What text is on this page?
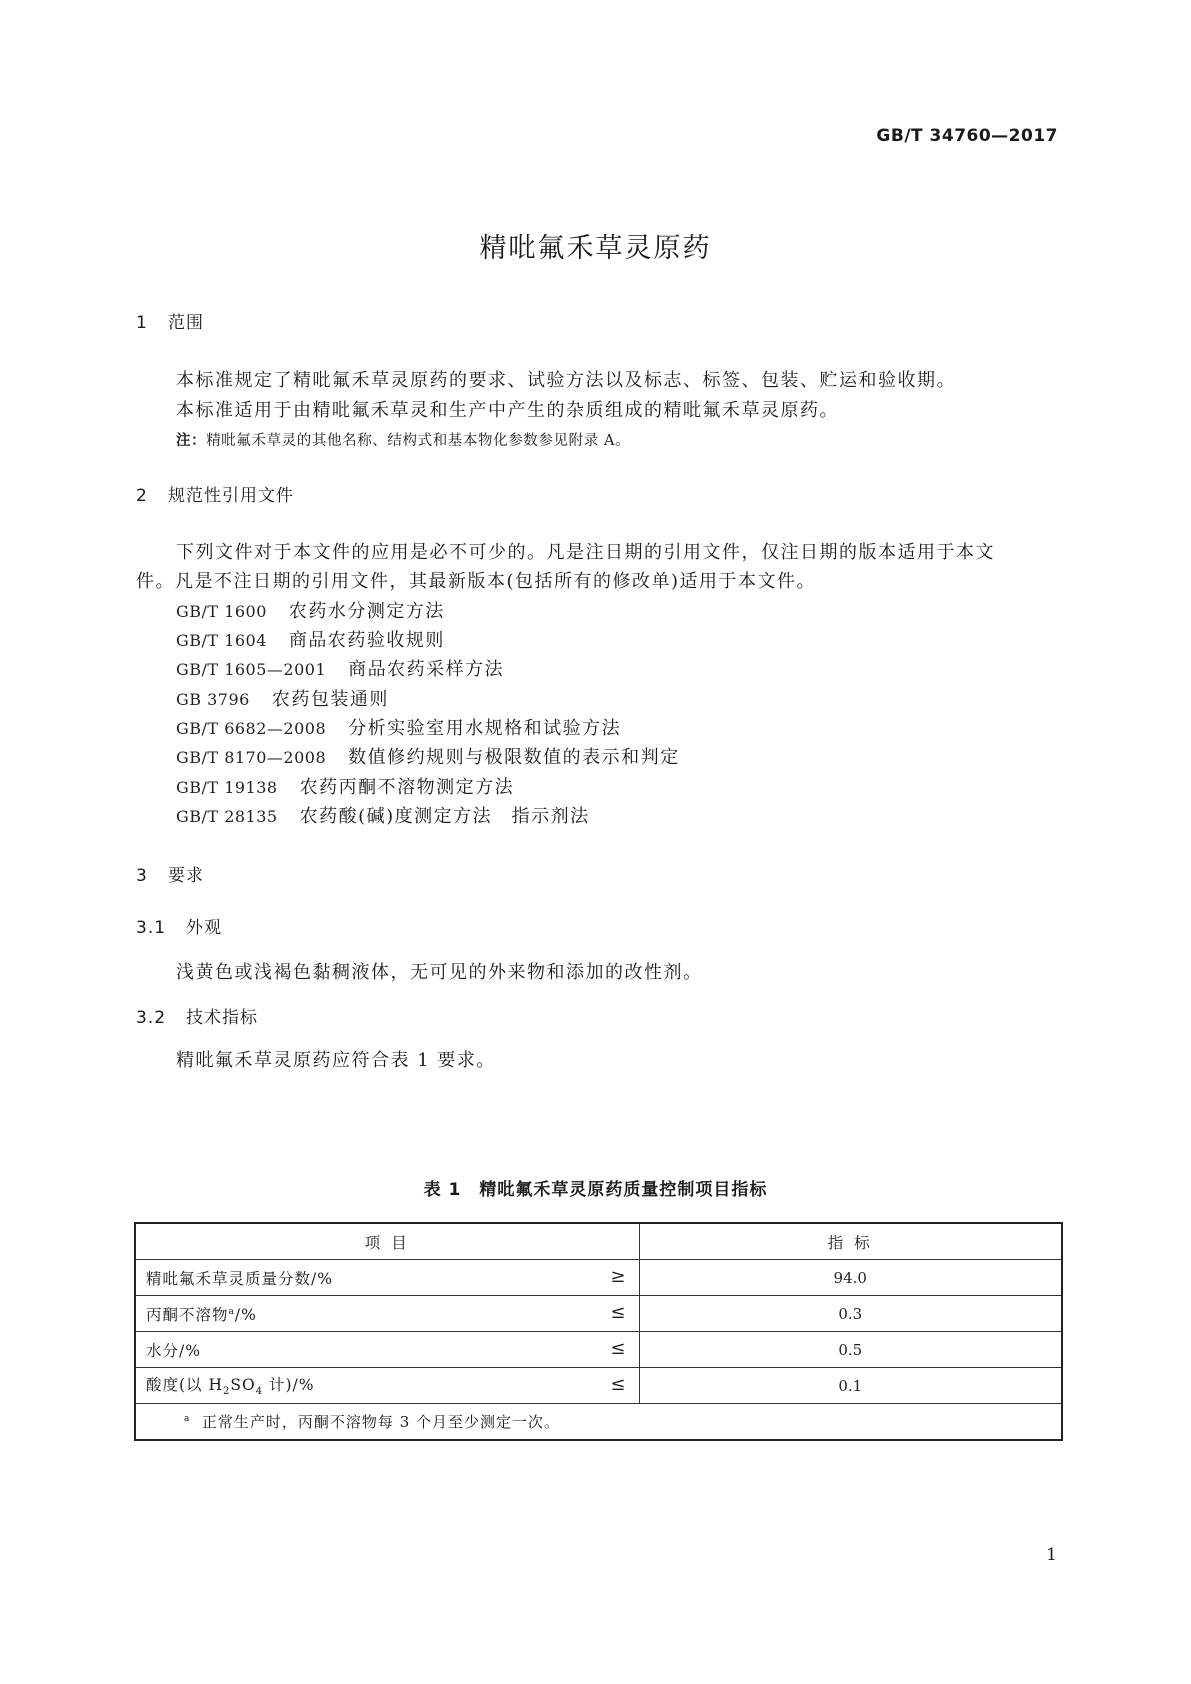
GB/T 34760—2017
精吡氟禾草灵原药
1 范围
本标准规定了精吡氟禾草灵原药的要求、试验方法以及标志、标签、包装、贮运和验收期。
本标准适用于由精吡氟禾草灵和生产中产生的杂质组成的精吡氟禾草灵原药。
注：精吡氟禾草灵的其他名称、结构式和基本物化参数参见附录 A。
2 规范性引用文件
下列文件对于本文件的应用是必不可少的。凡是注日期的引用文件，仅注日期的版本适用于本文
件。凡是不注日期的引用文件，其最新版本(包括所有的修改单)适用于本文件。
GB/T 1600 农药水分测定方法
GB/T 1604 商品农药验收规则
GB/T 1605—2001 商品农药采样方法
GB 3796 农药包装通则
GB/T 6682—2008 分析实验室用水规格和试验方法
GB/T 8170—2008 数值修约规则与极限数值的表示和判定
GB/T 19138 农药丙酮不溶物测定方法
GB/T 28135 农药酸(碱)度测定方法　指示剂法
3 要求
3.1 外观
浅黄色或浅褐色黏稠液体，无可见的外来物和添加的改性剂。
3.2 技术指标
精吡氟禾草灵原药应符合表 1 要求。
表 1　精吡氟禾草灵原药质量控制项目指标
项 目	指 标
精吡氟禾草灵质量分数/% ≥	94.0
丙酮不溶物$^a$/% ≤	0.3
水分/% ≤	0.5
酸度(以 $H_2SO_4$ 计)/% ≤	0.1
$^a$ 正常生产时，丙酮不溶物每 3 个月至少测定一次。	
1
